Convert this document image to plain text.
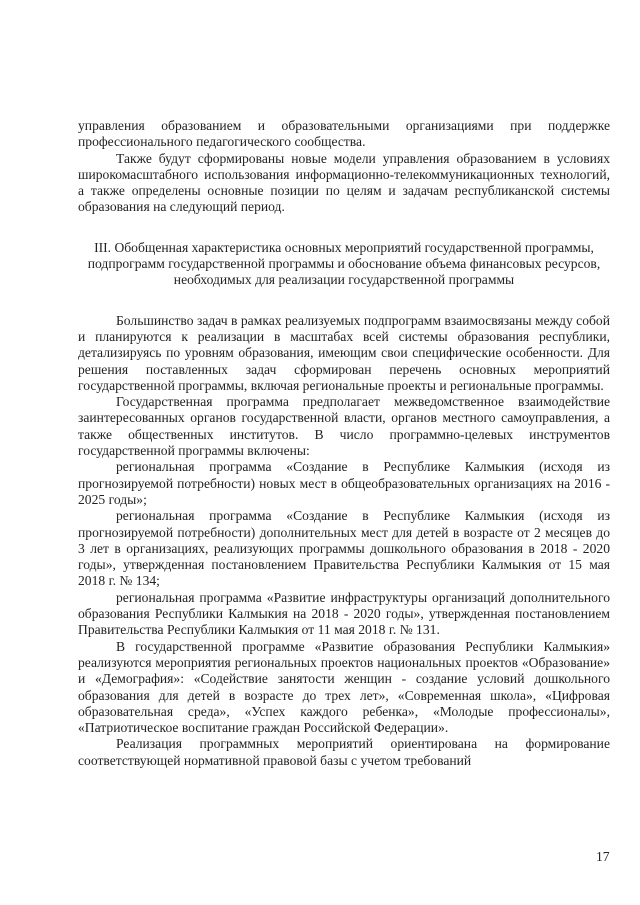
управления образованием и образовательными организациями при поддержке профессионального педагогического сообщества.

Также будут сформированы новые модели управления образованием в условиях широкомасштабного использования информационно-телекоммуникационных технологий, а также определены основные позиции по целям и задачам республиканской системы образования на следующий период.

III. Обобщенная характеристика основных мероприятий государственной программы, подпрограмм государственной программы и обоснование объема финансовых ресурсов, необходимых для реализации государственной программы

Большинство задач в рамках реализуемых подпрограмм взаимосвязаны между собой и планируются к реализации в масштабах всей системы образования республики, детализируясь по уровням образования, имеющим свои специфические особенности. Для решения поставленных задач сформирован перечень основных мероприятий государственной программы, включая региональные проекты и региональные программы.

Государственная программа предполагает межведомственное взаимодействие заинтересованных органов государственной власти, органов местного самоуправления, а также общественных институтов. В число программно-целевых инструментов государственной программы включены:

региональная программа «Создание в Республике Калмыкия (исходя из прогнозируемой потребности) новых мест в общеобразовательных организациях на 2016 - 2025 годы»;

региональная программа «Создание в Республике Калмыкия (исходя из прогнозируемой потребности) дополнительных мест для детей в возрасте от 2 месяцев до 3 лет в организациях, реализующих программы дошкольного образования в 2018 - 2020 годы», утвержденная постановлением Правительства Республики Калмыкия от 15 мая 2018 г. № 134;

региональная программа «Развитие инфраструктуры организаций дополнительного образования Республики Калмыкия на 2018 - 2020 годы», утвержденная постановлением Правительства Республики Калмыкия от 11 мая 2018 г. № 131.

В государственной программе «Развитие образования Республики Калмыкия» реализуются мероприятия региональных проектов национальных проектов «Образование» и «Демография»: «Содействие занятости женщин - создание условий дошкольного образования для детей в возрасте до трех лет», «Современная школа», «Цифровая образовательная среда», «Успех каждого ребенка», «Молодые профессионалы», «Патриотическое воспитание граждан Российской Федерации».

Реализация программных мероприятий ориентирована на формирование соответствующей нормативной правовой базы с учетом требований

17
